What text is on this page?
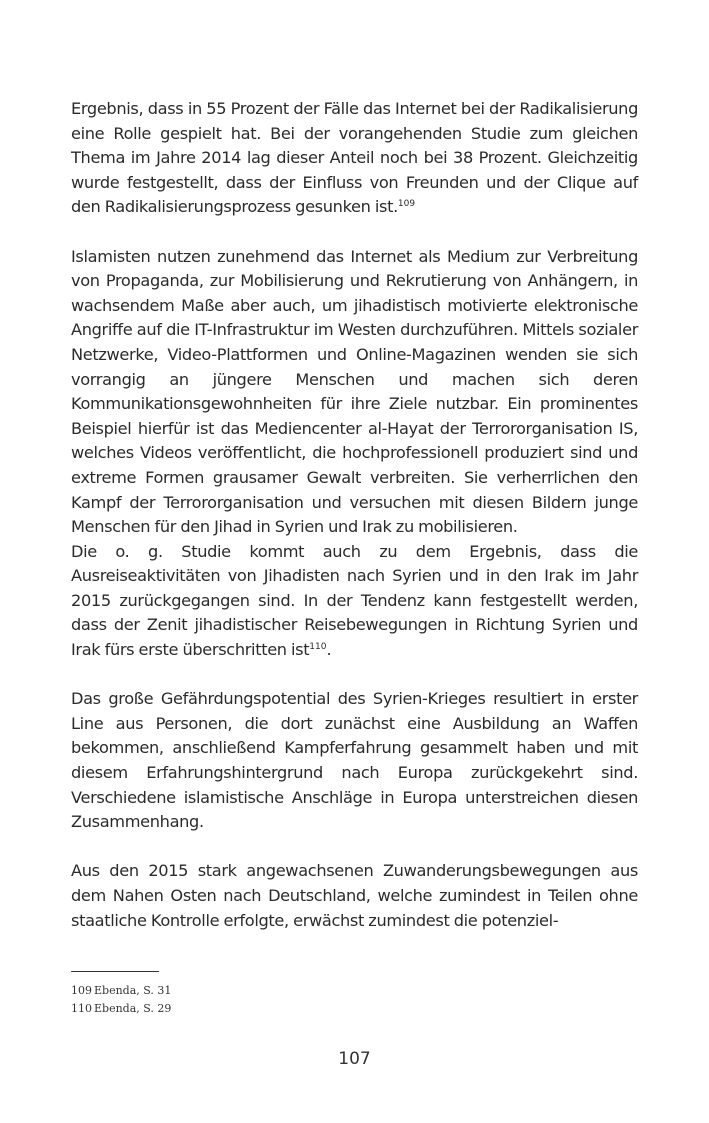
Ergebnis, dass in 55 Prozent der Fälle das Internet bei der Radikalisierung eine Rolle gespielt hat. Bei der vorangehenden Studie zum gleichen Thema im Jahre 2014 lag dieser Anteil noch bei 38 Prozent. Gleichzeitig wurde festgestellt, dass der Einfluss von Freunden und der Clique auf den Radikalisierungsprozess gesunken ist.$^{109}$

Islamisten nutzen zunehmend das Internet als Medium zur Verbreitung von Propaganda, zur Mobilisierung und Rekrutierung von Anhängern, in wachsendem Maße aber auch, um jihadistisch motivierte elektronische Angriffe auf die IT-Infrastruktur im Westen durchzuführen. Mittels sozialer Netzwerke, Video-Plattformen und Online-Magazinen wenden sie sich vorrangig an jüngere Menschen und machen sich deren Kommunikationsgewohnheiten für ihre Ziele nutzbar. Ein prominentes Beispiel hierfür ist das Mediencenter al-Hayat der Terrororganisation IS, welches Videos veröffentlicht, die hochprofessionell produziert sind und extreme Formen grausamer Gewalt verbreiten. Sie verherrlichen den Kampf der Terrororganisation und versuchen mit diesen Bildern junge Menschen für den Jihad in Syrien und Irak zu mobilisieren.

Die o. g. Studie kommt auch zu dem Ergebnis, dass die Ausreiseaktivitäten von Jihadisten nach Syrien und in den Irak im Jahr 2015 zurückgegangen sind. In der Tendenz kann festgestellt werden, dass der Zenit jihadistischer Reisebewegungen in Richtung Syrien und Irak fürs erste überschritten ist$^{110}$.

Das große Gefährdungspotential des Syrien-Krieges resultiert in erster Line aus Personen, die dort zunächst eine Ausbildung an Waffen bekommen, anschließend Kampferfahrung gesammelt haben und mit diesem Erfahrungshintergrund nach Europa zurückgekehrt sind. Verschiedene islamistische Anschläge in Europa unterstreichen diesen Zusammenhang.

Aus den 2015 stark angewachsenen Zuwanderungsbewegungen aus dem Nahen Osten nach Deutschland, welche zumindest in Teilen ohne staatliche Kontrolle erfolgte, erwächst zumindest die potenziel-

109 Ebenda, S. 31
110 Ebenda, S. 29
107
